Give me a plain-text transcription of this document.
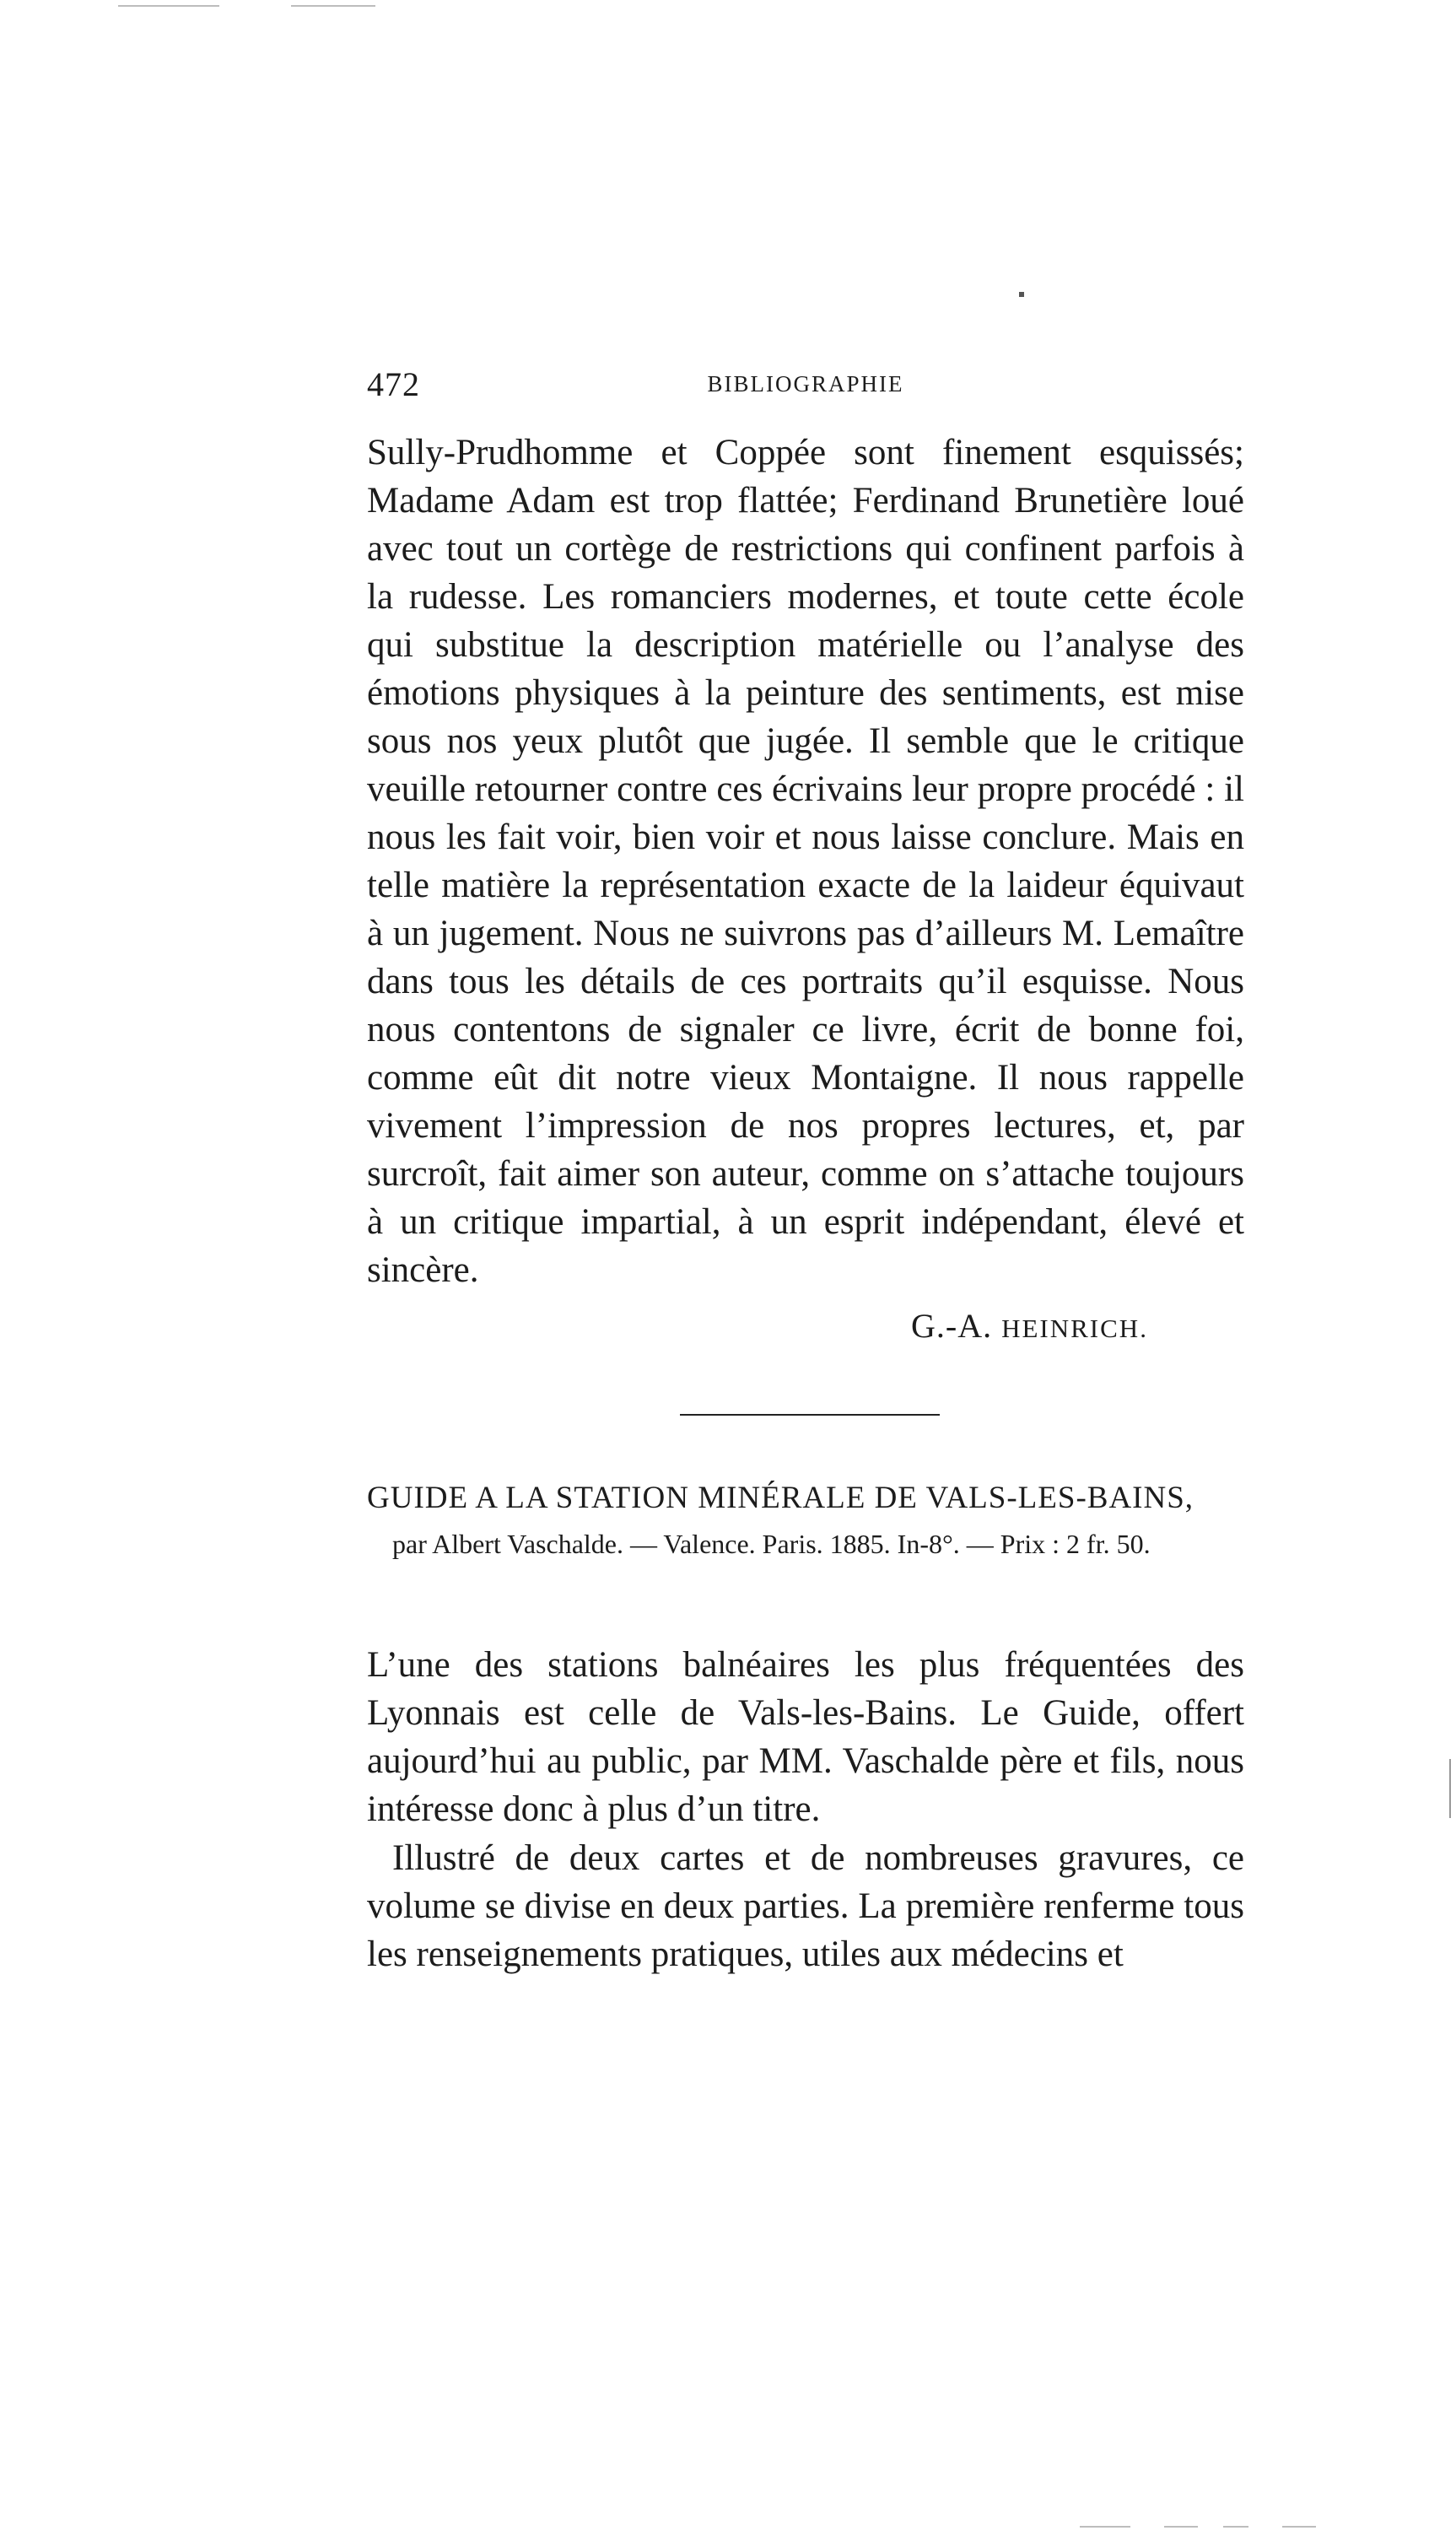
472	BIBLIOGRAPHIE

Sully-Prudhomme et Coppée sont finement esquissés; Madame Adam est trop flattée; Ferdinand Brunetière loué avec tout un cortège de restrictions qui confinent parfois à la rudesse. Les romanciers modernes, et toute cette école qui substitue la description matérielle ou l’analyse des émotions physiques à la peinture des sentiments, est mise sous nos yeux plutôt que jugée. Il semble que le critique veuille retourner contre ces écrivains leur propre procédé : il nous les fait voir, bien voir et nous laisse conclure. Mais en telle matière la représentation exacte de la laideur équivaut à un jugement. Nous ne suivrons pas d’ailleurs M. Lemaître dans tous les détails de ces portraits qu’il esquisse. Nous nous contentons de signaler ce livre, écrit de bonne foi, comme eût dit notre vieux Montaigne. Il nous rappelle vivement l’impression de nos propres lectures, et, par surcroît, fait aimer son auteur, comme on s’attache toujours à un critique impartial, à un esprit indépendant, élevé et sincère.

G.-A. HEINRICH.

GUIDE A LA STATION MINÉRALE DE VALS-LES-BAINS,

par Albert Vaschalde. — Valence. Paris. 1885. In-8°. — Prix : 2 fr. 50.

L’une des stations balnéaires les plus fréquentées des Lyonnais est celle de Vals-les-Bains. Le Guide, offert aujourd’hui au public, par MM. Vaschalde père et fils, nous intéresse donc à plus d’un titre.

Illustré de deux cartes et de nombreuses gravures, ce volume se divise en deux parties. La première renferme tous les renseignements pratiques, utiles aux médecins et
